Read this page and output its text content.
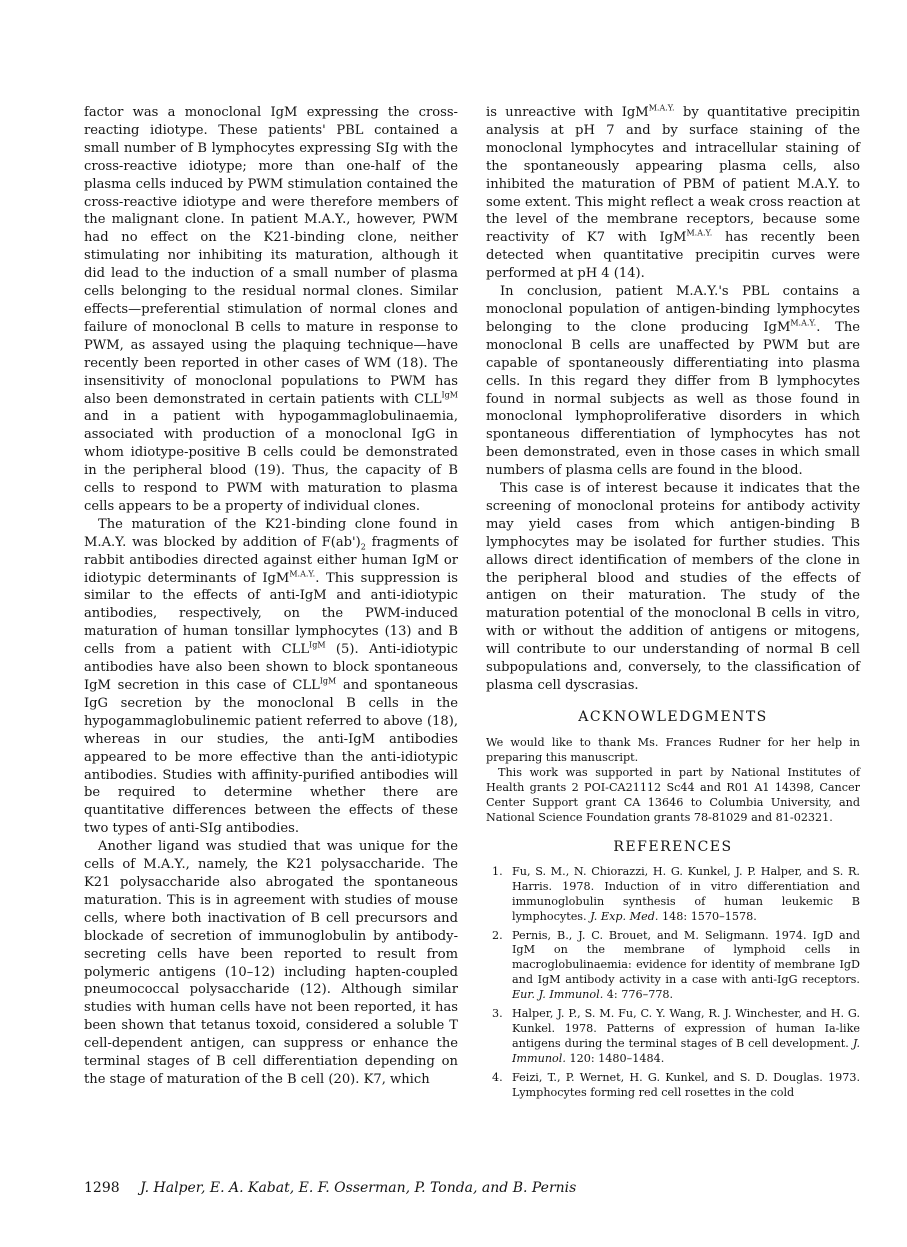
factor was a monoclonal IgM expressing the cross-reacting idiotype. These patients' PBL contained a small number of B lymphocytes expressing SIg with the cross-reactive idiotype; more than one-half of the plasma cells induced by PWM stimulation contained the cross-reactive idiotype and were therefore members of the malignant clone. In patient M.A.Y., however, PWM had no effect on the K21-binding clone, neither stimulating nor inhibiting its maturation, although it did lead to the induction of a small number of plasma cells belonging to the residual normal clones. Similar effects—preferential stimulation of normal clones and failure of monoclonal B cells to mature in response to PWM, as assayed using the plaquing technique—have recently been reported in other cases of WM (18). The insensitivity of monoclonal populations to PWM has also been demonstrated in certain patients with $CLL^{IgM}$ and in a patient with hypogammaglobulinaemia, associated with production of a monoclonal IgG in whom idiotype-positive B cells could be demonstrated in the peripheral blood (19). Thus, the capacity of B cells to respond to PWM with maturation to plasma cells appears to be a property of individual clones.

The maturation of the K21-binding clone found in M.A.Y. was blocked by addition of $F(ab')_2$ fragments of rabbit antibodies directed against either human IgM or idiotypic determinants of IgM$^{M.A.Y.}$. This suppression is similar to the effects of anti-IgM and anti-idiotypic antibodies, respectively, on the PWM-induced maturation of human tonsillar lymphocytes (13) and B cells from a patient with $CLL^{IgM}$ (5). Anti-idiotypic antibodies have also been shown to block spontaneous IgM secretion in this case of $CLL^{IgM}$ and spontaneous IgG secretion by the monoclonal B cells in the hypogammaglobulinemic patient referred to above (18), whereas in our studies, the anti-IgM antibodies appeared to be more effective than the anti-idiotypic antibodies. Studies with affinity-purified antibodies will be required to determine whether there are quantitative differences between the effects of these two types of anti-SIg antibodies.

Another ligand was studied that was unique for the cells of M.A.Y., namely, the K21 polysaccharide. The K21 polysaccharide also abrogated the spontaneous maturation. This is in agreement with studies of mouse cells, where both inactivation of B cell precursors and blockade of secretion of immunoglobulin by antibody-secreting cells have been reported to result from polymeric antigens (10–12) including hapten-coupled pneumococcal polysaccharide (12). Although similar studies with human cells have not been reported, it has been shown that tetanus toxoid, considered a soluble T cell-dependent antigen, can suppress or enhance the terminal stages of B cell differentiation depending on the stage of maturation of the B cell (20). K7, which

is unreactive with IgM$^{M.A.Y.}$ by quantitative precipitin analysis at pH 7 and by surface staining of the monoclonal lymphocytes and intracellular staining of the spontaneously appearing plasma cells, also inhibited the maturation of PBM of patient M.A.Y. to some extent. This might reflect a weak cross reaction at the level of the membrane receptors, because some reactivity of K7 with IgM$^{M.A.Y.}$ has recently been detected when quantitative precipitin curves were performed at pH 4 (14).

In conclusion, patient M.A.Y.'s PBL contains a monoclonal population of antigen-binding lymphocytes belonging to the clone producing IgM$^{M.A.Y.}$. The monoclonal B cells are unaffected by PWM but are capable of spontaneously differentiating into plasma cells. In this regard they differ from B lymphocytes found in normal subjects as well as those found in monoclonal lymphoproliferative disorders in which spontaneous differentiation of lymphocytes has not been demonstrated, even in those cases in which small numbers of plasma cells are found in the blood.

This case is of interest because it indicates that the screening of monoclonal proteins for antibody activity may yield cases from which antigen-binding B lymphocytes may be isolated for further studies. This allows direct identification of members of the clone in the peripheral blood and studies of the effects of antigen on their maturation. The study of the maturation potential of the monoclonal B cells in vitro, with or without the addition of antigens or mitogens, will contribute to our understanding of normal B cell subpopulations and, conversely, to the classification of plasma cell dyscrasias.

ACKNOWLEDGMENTS

We would like to thank Ms. Frances Rudner for her help in preparing this manuscript.

This work was supported in part by National Institutes of Health grants 2 POI-CA21112 Sc44 and R01 A1 14398, Cancer Center Support grant CA 13646 to Columbia University, and National Science Foundation grants 78-81029 and 81-02321.

REFERENCES
1. Fu, S. M., N. Chiorazzi, H. G. Kunkel, J. P. Halper, and S. R. Harris. 1978. Induction of in vitro differentiation and immunoglobulin synthesis of human leukemic B lymphocytes. J. Exp. Med. 148: 1570–1578.
2. Pernis, B., J. C. Brouet, and M. Seligmann. 1974. IgD and IgM on the membrane of lymphoid cells in macroglobulinaemia: evidence for identity of membrane IgD and IgM antibody activity in a case with anti-IgG receptors. Eur. J. Immunol. 4: 776–778.
3. Halper, J. P., S. M. Fu, C. Y. Wang, R. J. Winchester, and H. G. Kunkel. 1978. Patterns of expression of human Ia-like antigens during the terminal stages of B cell development. J. Immunol. 120: 1480–1484.
4. Feizi, T., P. Wernet, H. G. Kunkel, and S. D. Douglas. 1973. Lymphocytes forming red cell rosettes in the cold
1298 J. Halper, E. A. Kabat, E. F. Osserman, P. Tonda, and B. Pernis
